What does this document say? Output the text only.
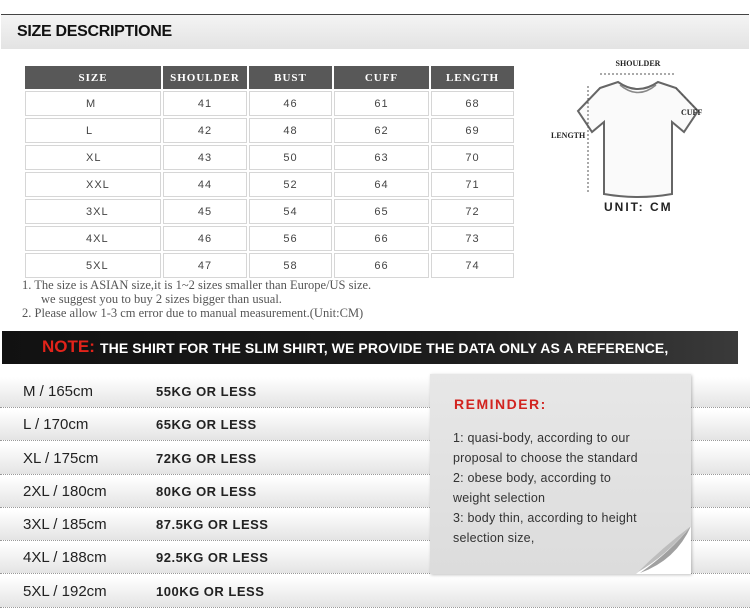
SIZE DESCRIPTIONE
SIZE	SHOULDER	BUST	CUFF	LENGTH
M	41	46	61	68
L	42	48	62	69
XL	43	50	63	70
XXL	44	52	64	71
3XL	45	54	65	72
4XL	46	56	66	73
5XL	47	58	66	74
1. The size is ASIAN size,it is 1~2 sizes smaller than Europe/US size.
we suggest you to buy 2 sizes bigger than usual.
2. Please allow 1-3 cm error due to manual measurement.(Unit:CM)
SHOULDER
LENGTH
CUFF
UNIT: CM
NOTE: THE SHIRT FOR THE SLIM SHIRT, WE PROVIDE THE DATA ONLY AS A REFERENCE,
M / 165cm	55KG OR LESS
L / 170cm	65KG OR LESS
XL / 175cm	72KG OR LESS
2XL / 180cm	80KG OR LESS
3XL / 185cm	87.5KG OR LESS
4XL / 188cm	92.5KG OR LESS
5XL / 192cm	100KG OR LESS
REMINDER:
1: quasi-body, according to our
proposal to choose the standard
2: obese body, according to
weight selection
3: body thin, according to height
selection size,
